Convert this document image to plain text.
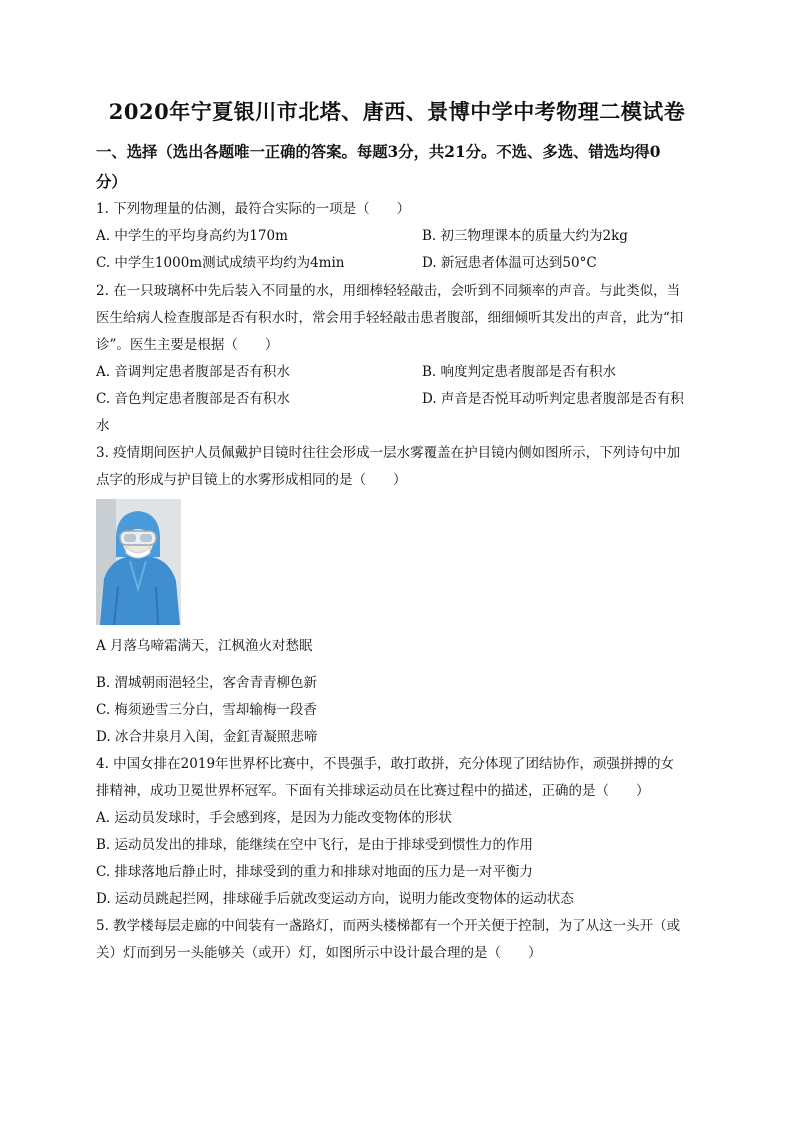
2020年宁夏银川市北塔、唐西、景博中学中考物理二模试卷
一、选择（选出各题唯一正确的答案。每题3分，共21分。不选、多选、错选均得0
分）
1. 下列物理量的估测，最符合实际的一项是（　　）
A. 中学生的平均身高约为170m	B. 初三物理课本的质量大约为2kg
C. 中学生1000m测试成绩平均约为4min	D. 新冠患者体温可达到50°C
2. 在一只玻璃杯中先后装入不同量的水，用细棒轻轻敲击，会听到不同频率的声音。与此类似，当
医生给病人检查腹部是否有积水时，常会用手轻轻敲击患者腹部，细细倾听其发出的声音，此为“扣
诊”。医生主要是根据（　　）
A. 音调判定患者腹部是否有积水	B. 响度判定患者腹部是否有积水
C. 音色判定患者腹部是否有积水	D. 声音是否悦耳动听判定患者腹部是否有积
水
3. 疫情期间医护人员佩戴护目镜时往往会形成一层水雾覆盖在护目镜内侧如图所示，下列诗句中加
点字的形成与护目镜上的水雾形成相同的是（　　）
A 月落乌啼霜满天，江枫渔火对愁眠
B. 渭城朝雨浥轻尘，客舍青青柳色新
C. 梅须逊雪三分白，雪却输梅一段香
D. 冰合井泉月入闺，金釭青凝照悲啼
4. 中国女排在2019年世界杯比赛中，不畏强手，敢打敢拼，充分体现了团结协作，顽强拼搏的女
排精神，成功卫冕世界杯冠军。下面有关排球运动员在比赛过程中的描述，正确的是（　　）
A. 运动员发球时，手会感到疼，是因为力能改变物体的形状
B. 运动员发出的排球，能继续在空中飞行，是由于排球受到惯性力的作用
C. 排球落地后静止时，排球受到的重力和排球对地面的压力是一对平衡力
D. 运动员跳起拦网，排球碰手后就改变运动方向，说明力能改变物体的运动状态
5. 教学楼每层走廊的中间装有一盏路灯，而两头楼梯都有一个开关便于控制，为了从这一头开（或
关）灯而到另一头能够关（或开）灯，如图所示中设计最合理的是（　　）
